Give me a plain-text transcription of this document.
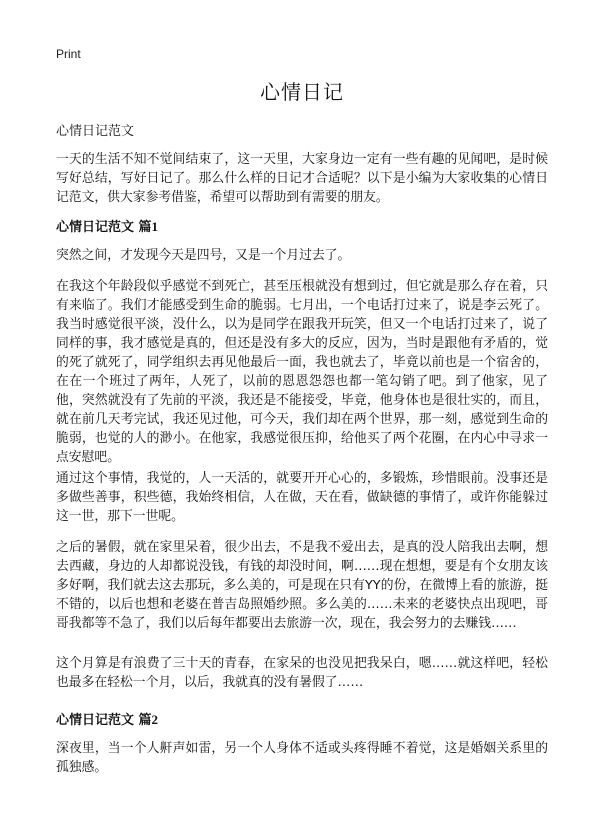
Print
心情日记
心情日记范文

一天的生活不知不觉间结束了，这一天里，大家身边一定有一些有趣的见闻吧，是时候写好总结，写好日记了。那么什么样的日记才合适呢？以下是小编为大家收集的心情日记范文，供大家参考借鉴，希望可以帮助到有需要的朋友。

心情日记范文 篇1

突然之间，才发现今天是四号，又是一个月过去了。

在我这个年龄段似乎感觉不到死亡，甚至压根就没有想到过，但它就是那么存在着，只有来临了。我们才能感受到生命的脆弱。七月出，一个电话打过来了，说是李云死了。我当时感觉很平淡，没什么，以为是同学在跟我开玩笑，但又一个电话打过来了，说了同样的事，我才感觉是真的，但还是没有多大的反应，因为，当时是跟他有矛盾的，觉的死了就死了，同学组织去再见他最后一面，我也就去了，毕竟以前也是一个宿舍的，在在一个班过了两年，人死了，以前的恩恩怨怨也都一笔勾销了吧。到了他家，见了他，突然就没有了先前的平淡，我还是不能接受，毕竟，他身体也是很壮实的，而且，就在前几天考完试，我还见过他，可今天，我们却在两个世界，那一刻，感觉到生命的脆弱，也觉的人的渺小。在他家，我感觉很压抑，给他买了两个花圈，在内心中寻求一点安慰吧。

通过这个事情，我觉的，人一天活的，就要开开心心的，多锻炼，珍惜眼前。没事还是多做些善事，积些德，我始终相信，人在做，天在看，做缺德的事情了，或许你能躲过这一世，那下一世呢。

之后的暑假，就在家里呆着，很少出去，不是我不爱出去，是真的没人陪我出去啊，想去西藏，身边的人却都说没钱，有钱的却没时间，啊……现在想想，要是有个女朋友该多好啊，我们就去这去那玩，多么美的，可是现在只有YY的份，在微博上看的旅游，挺不错的，以后也想和老婆在普吉岛照婚纱照。多么美的……未来的老婆快点出现吧，哥哥我都等不急了，我们以后每年都要出去旅游一次，现在，我会努力的去赚钱……

这个月算是有浪费了三十天的青春，在家呆的也没见把我呆白，嗯……就这样吧，轻松也最多在轻松一个月，以后，我就真的没有暑假了……

心情日记范文 篇2

深夜里，当一个人鼾声如雷，另一个人身体不适或头疼得睡不着觉，这是婚姻关系里的孤独感。
